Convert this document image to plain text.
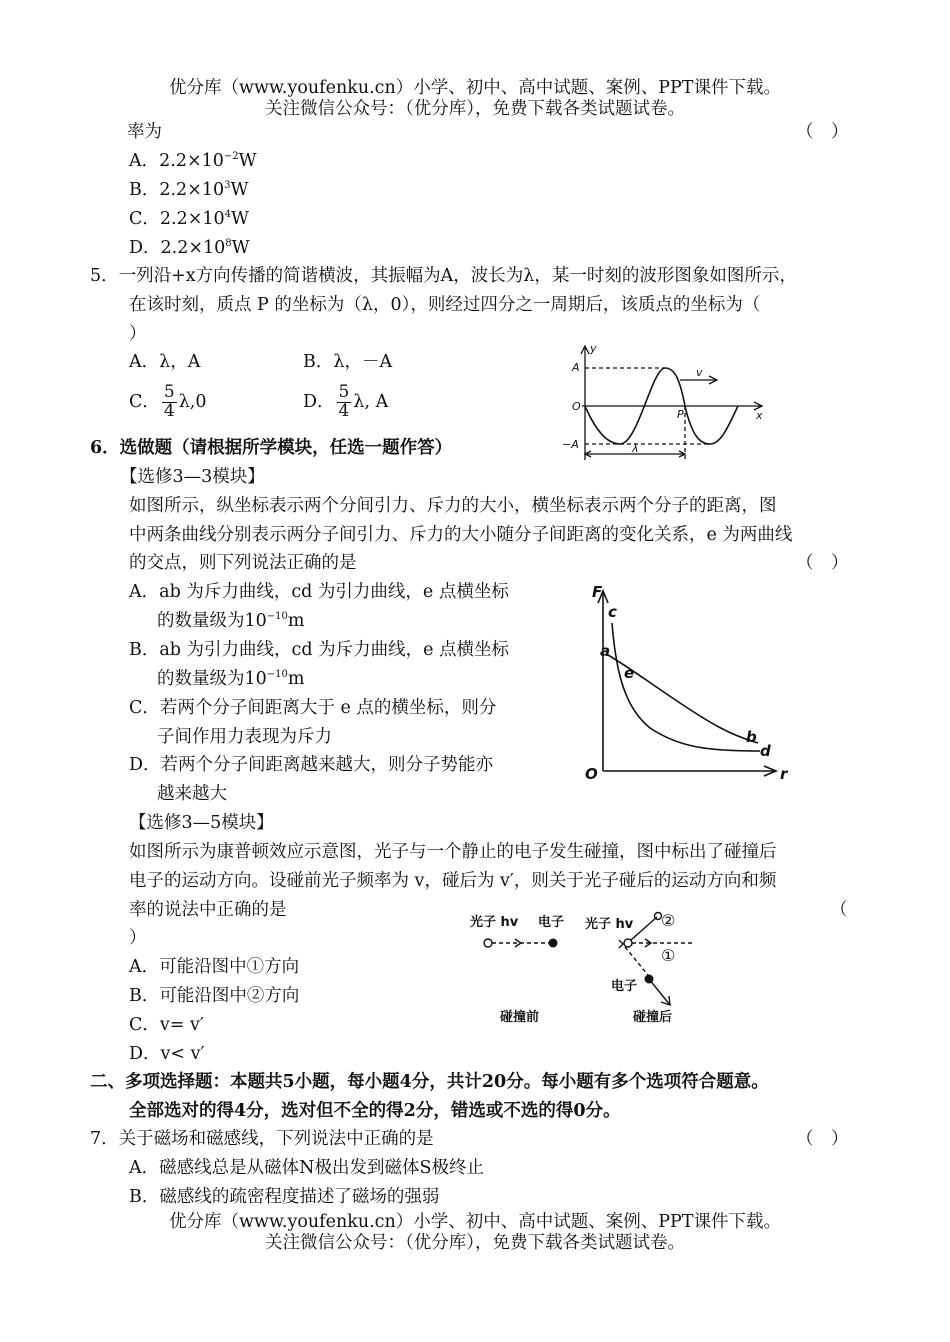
优分库（www.youfenku.cn）小学、初中、高中试题、案例、PPT课件下载。
关注微信公众号：（优分库），免费下载各类试题试卷。
率为	（　）
A．$2.2\times 10^{-2}W$
B．$2.2\times 10^3W$
C．$2.2\times 10^4W$
D．$2.2\times 10^8W$
5．一列沿+x方向传播的简谐横波，其振幅为A，波长为λ，某一时刻的波形图象如图所示，
在该时刻，质点 P 的坐标为（λ，0），则经过四分之一周期后，该质点的坐标为（
）
A．λ，A	B．λ，－A
C． $\frac{5}{4} \lambda,0$	D． $\frac{5}{4} \lambda$, A
y
A
O
−A
x
P
v
λ
6．选做题（请根据所学模块，任选一题作答）
【选修3—3模块】
如图所示，纵坐标表示两个分间引力、斥力的大小，横坐标表示两个分子的距离，图
中两条曲线分别表示两分子间引力、斥力的大小随分子间距离的变化关系，e 为两曲线
的交点，则下列说法正确的是	（　）
A．ab 为斥力曲线，cd 为引力曲线，e 点横坐标
的数量级为$10^{-10}m$
B．ab 为引力曲线，cd 为斥力曲线，e 点横坐标
的数量级为$10^{-10}m$
C．若两个分子间距离大于 e 点的横坐标，则分
子间作用力表现为斥力
D．若两个分子间距离越来越大，则分子势能亦
越来越大
F
c
a
e
b
d
O	r
【选修3—5模块】
如图所示为康普顿效应示意图，光子与一个静止的电子发生碰撞，图中标出了碰撞后
电子的运动方向。设碰前光子频率为 v，碰后为 v′，则关于光子碰后的运动方向和频
率的说法中正确的是	（
）
A．可能沿图中①方向
B．可能沿图中②方向
C．v= v′
D．v< v′
光子 hv 电子
碰撞前
光子 hv
电子
碰撞后
②
①
二、多项选择题：本题共5小题，每小题4分，共计20分。每小题有多个选项符合题意。
全部选对的得4分，选对但不全的得2分，错选或不选的得0分。
7．关于磁场和磁感线，下列说法中正确的是	（　）
A．磁感线总是从磁体N极出发到磁体S极终止
B．磁感线的疏密程度描述了磁场的强弱
优分库（www.youfenku.cn）小学、初中、高中试题、案例、PPT课件下载。
关注微信公众号：（优分库），免费下载各类试题试卷。
